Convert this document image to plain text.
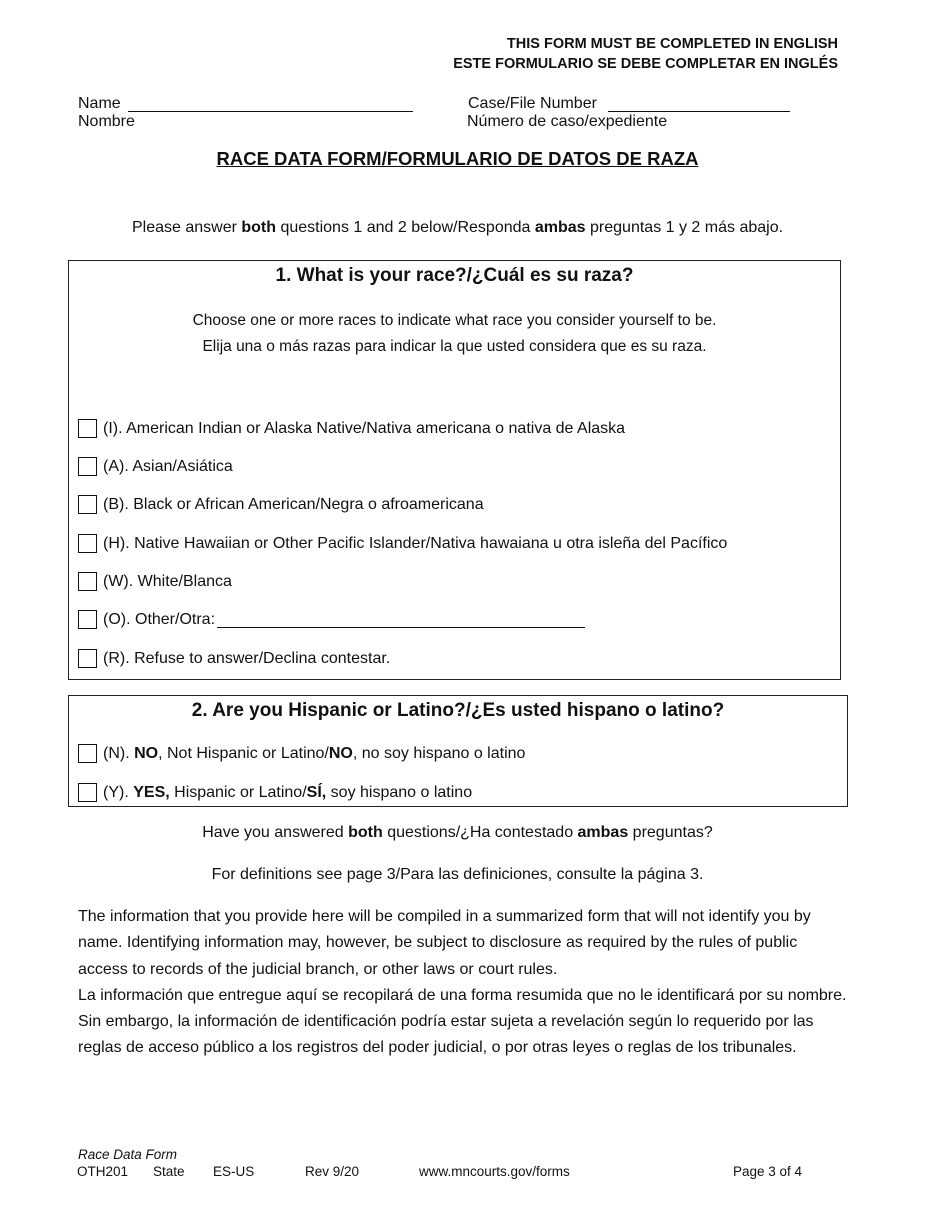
THIS FORM MUST BE COMPLETED IN ENGLISH
ESTE FORMULARIO SE DEBE COMPLETAR EN INGLÉS
Name
Nombre
Case/File Number
Número de caso/expediente
RACE DATA FORM/FORMULARIO DE DATOS DE RAZA
Please answer both questions 1 and 2 below/Responda ambas preguntas 1 y 2 más abajo.
1. What is your race?/¿Cuál es su raza?
Choose one or more races to indicate what race you consider yourself to be.
Elija una o más razas para indicar la que usted considera que es su raza.
(I). American Indian or Alaska Native/Nativa americana o nativa de Alaska
(A). Asian/Asiática
(B). Black or African American/Negra o afroamericana
(H). Native Hawaiian or Other Pacific Islander/Nativa hawaiana u otra isleña del Pacífico
(W). White/Blanca
(O). Other/Otra:
(R). Refuse to answer/Declina contestar.
2. Are you Hispanic or Latino?/¿Es usted hispano o latino?
(N). NO, Not Hispanic or Latino/NO, no soy hispano o latino
(Y). YES, Hispanic or Latino/SÍ, soy hispano o latino
Have you answered both questions/¿Ha contestado ambas preguntas?
For definitions see page 3/Para las definiciones, consulte la página 3.

The information that you provide here will be compiled in a summarized form that will not identify you by name. Identifying information may, however, be subject to disclosure as required by the rules of public access to records of the judicial branch, or other laws or court rules.

La información que entregue aquí se recopilará de una forma resumida que no le identificará por su nombre. Sin embargo, la información de identificación podría estar sujeta a revelación según lo requerido por las reglas de acceso público a los registros del poder judicial, o por otras leyes o reglas de los tribunales.

Race Data Form
OTH201 State ES-US	Rev 9/20	www.mncourts.gov/forms	Page 3 of 4
